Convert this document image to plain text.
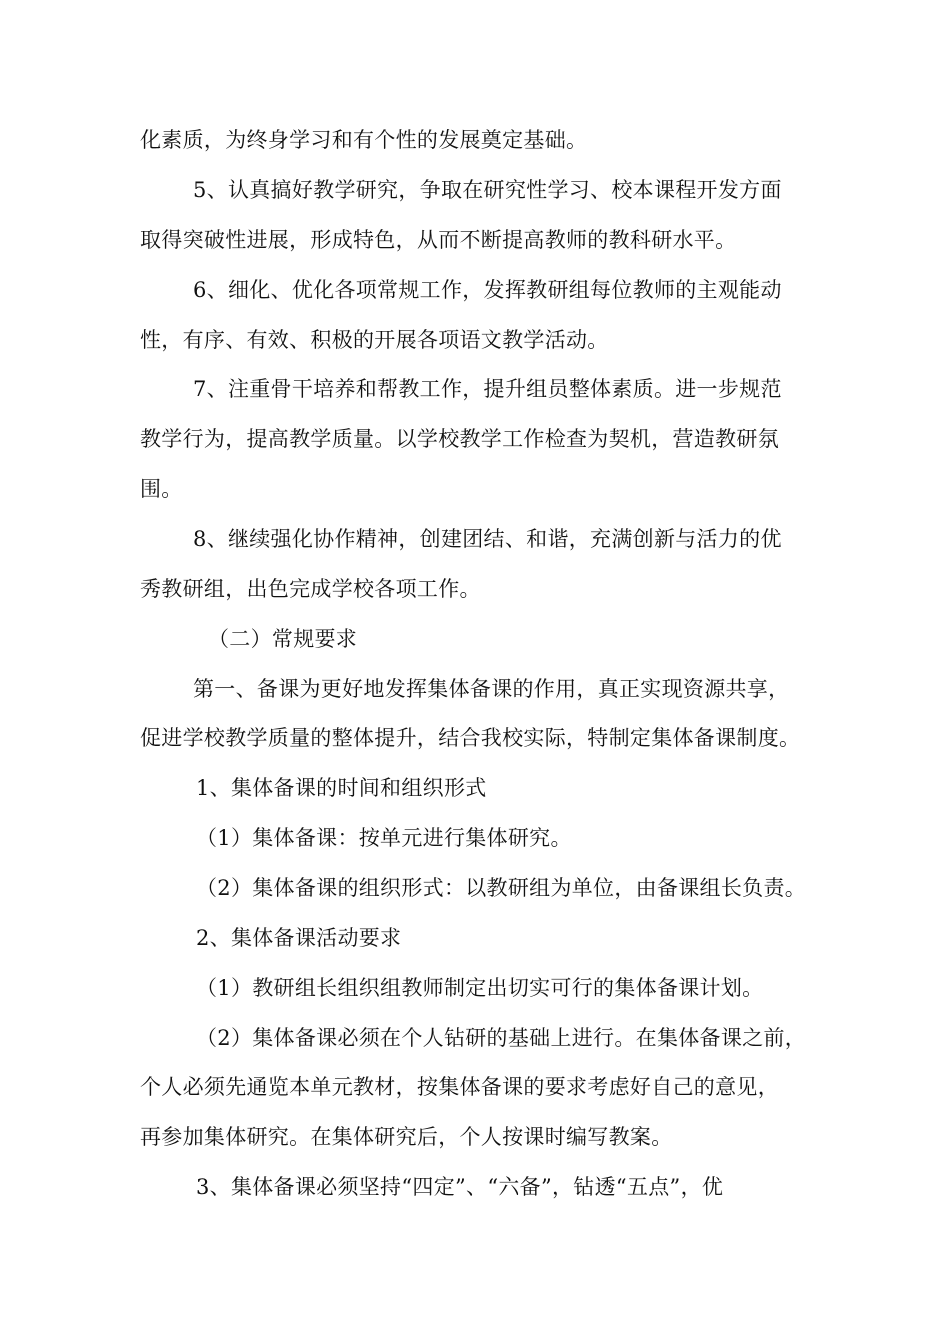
化素质，为终身学习和有个性的发展奠定基础。
5、认真搞好教学研究，争取在研究性学习、校本课程开发方面
取得突破性进展，形成特色，从而不断提高教师的教科研水平。
6、细化、优化各项常规工作，发挥教研组每位教师的主观能动
性，有序、有效、积极的开展各项语文教学活动。
7、注重骨干培养和帮教工作，提升组员整体素质。进一步规范
教学行为，提高教学质量。以学校教学工作检查为契机，营造教研氛
围。
8、继续强化协作精神，创建团结、和谐，充满创新与活力的优
秀教研组，出色完成学校各项工作。
（二）常规要求
第一、备课为更好地发挥集体备课的作用，真正实现资源共享，
促进学校教学质量的整体提升，结合我校实际，特制定集体备课制度。
1、集体备课的时间和组织形式
（1）集体备课：按单元进行集体研究。
（2）集体备课的组织形式：以教研组为单位，由备课组长负责。
2、集体备课活动要求
（1）教研组长组织组教师制定出切实可行的集体备课计划。
（2）集体备课必须在个人钻研的基础上进行。在集体备课之前，
个人必须先通览本单元教材，按集体备课的要求考虑好自己的意见，
再参加集体研究。在集体研究后，个人按课时编写教案。
3、集体备课必须坚持“四定”、“六备”，钻透“五点”，优
